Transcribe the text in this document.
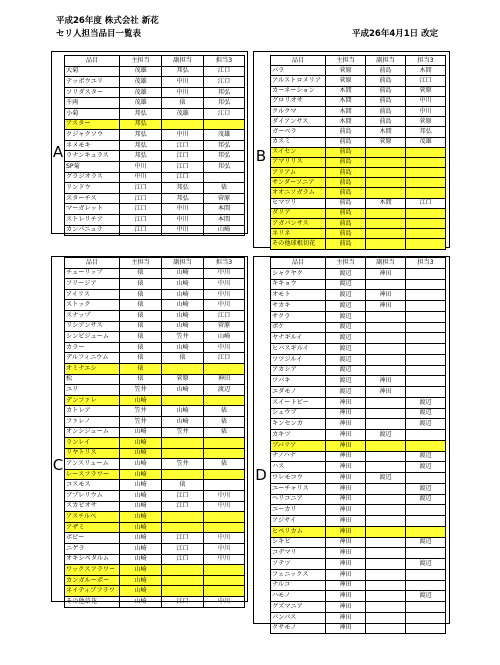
平成26年度 株式会社 新花
セリ人担当品目一覧表	平成26年4月1日 改定
A	B
C
D
品目	主担当	副担当	担当3
大菊	茂雄	邦弘	江口
テッポウユリ	茂雄	中川	江口
ソリダスター	茂雄	中川	邦弘
千両	茂雄	俵	邦弘
小菊	邦弘	茂雄	江口
アスター	邦弘		
クジャクソウ	邦弘	中川	茂雄
ネメモキ	邦弘	江口	邦弘
ラナンキュラス	邦弘	江口	邦弘
SP菊	中川	江口	邦弘
グラジオラス	中川	江口	
リンドウ	江口	邦弘	俵
スターチス	江口	邦弘	菅原
マーガレット	江口	中川	本間
ストレリチア	江口	中川	本間
カンパニュラ	江口	中川	山崎
品目	主担当	副担当	担当3
バラ	菅原	前島	木間
アルストロメリア	菅原	前島	江口
カーネーション	木間	前島	菅原
グロリオサ	木間	前島	中川
クルクマ	木間	前島	中川
ダイアンサス	木間	前島	菅原
ガーベラ	前島	木間	邦弘
カスミ	前島	菅原	茂雄
スイセン	前島		
アマリリス	前島		
アリアム	前島		
サンダーソニア	前島		
オオニソガラム	前島		
ヒマワリ	前島	木間	江口
ダリア	前島		
アガパンサス	前島		
ネリネ	前島		
その他球根切花	前島		
品目	主担当	副担当	担当3
チューリップ	俵	山崎	中川
フリージア	俵	山崎	中川
アイリス	俵	山崎	中川
ストック	俵	山崎	中川
スナップ	俵	山崎	江口
リシアンサス	俵	山崎	菅原
シンビジューム	俵	笠井	山崎
カラー	俵	山崎	中川
デルフィニウム	俵	俵	江口
オミナエシ	俵		
松	俵	菅原	神田
ユリ	笠井	山崎	渡辺
デンファレ	山崎		
カトレア	笠井	山崎	俵
ファレノ	笠井	山崎	俵
オンシジューム	山崎	笠井	俵
ランレイ	山崎		
リヤトリス	山崎		
アンスリューム	山崎	笠井	俵
レースフラワー	山崎		
コスモス	山崎	俵	
ブプレリウム	山崎	江口	中川
スカビオサ	山崎	江口	中川
アスチルベ	山崎		
アザミ	山崎		
ボビー	山崎	江口	中川
ニゲラ	山崎	江口	中川
オキシペタルム	山崎	江口	中川
ワックスフラワー	山崎		
カンガルーポー	山崎		
ネイティブフラワ	山崎		
その他草花	山崎	江口	中川
品目	主担当	副担当	担当3
シャクヤク	渡辺	神田	
キキョウ	渡辺		
オモト	渡辺	神田	
サカキ	渡辺	神田	
サクラ	渡辺		
ボケ	渡辺		
ヤナギルイ	渡辺		
ヒバスギルイ	渡辺		
ツツジルイ	渡辺		
アカシア	渡辺		
ツバキ	渡辺	神田	
エダモノ	渡辺	神田	
スイートピー	神田		渡辺
シュウブ	神田		渡辺
キンセンカ	神田		渡辺
カキツ	神田	渡辺	
ブバリア	神田		
ナノハナ	神田		渡辺
ハス	神田		渡辺
ワレモコウ	神田	渡辺	
ユーチャリス	神田		渡辺
ヘリコニア	神田		渡辺
ユーカリ	神田		
アジサイ	神田		
ヒペリカム	神田		
シキビ	神田		渡辺
コデマリ	神田		
ソテツ	神田		渡辺
フェニックス	神田		
ナルコ	神田		
ハモノ	神田		渡辺
グズマニア	神田		
パンパス	神田		
クサモノ	神田		
